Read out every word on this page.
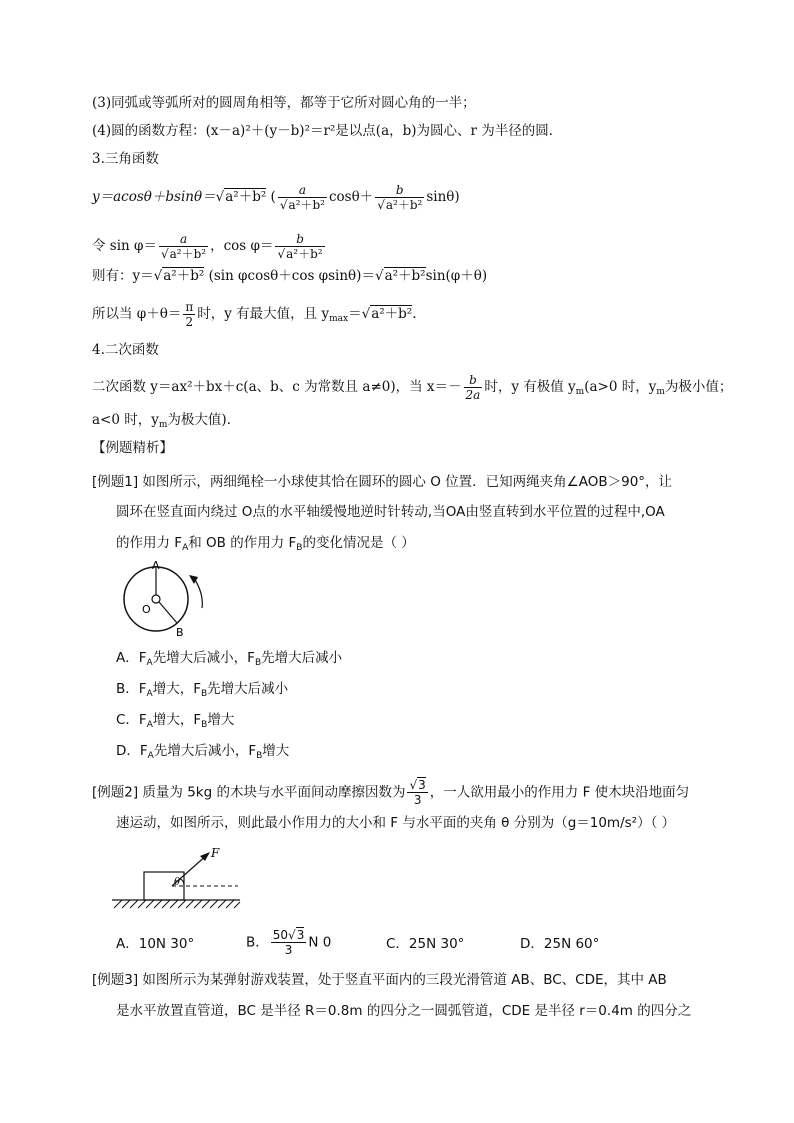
(3)同弧或等弧所对的圆周角相等，都等于它所对圆心角的一半；
(4)圆的函数方程：(x－a)²＋(y－b)²＝r²是以点(a，b)为圆心、r 为半径的圆．
3.三角函数
y＝acosθ＋bsinθ＝√a²＋b² ( $\frac{a}{\text{√a²＋b²}} \cos\theta+ \frac{b}{\text{√a²＋b²}} \sin\theta$)
令 $\sin \varphi= \frac{a}{\text{√a²＋b²}}$ ，$\cos \varphi= \frac{b}{\text{√a²＋b²}}$
则有：y＝√a²＋b² (sin φcosθ＋cos φsinθ)＝√a²＋b²sin(φ＋θ)
所以当 $\varphi+\theta= \frac{\pi}{2}$ 时，y 有最大值，且 $y_{max}=√a^2+b^2$.
4.二次函数
二次函数 y＝ax²＋bx＋c(a、b、c 为常数且 a≠0)，当 $x=- \frac{b}{2a}$ 时，y 有极值 $y_m(a>0$ 时，$y_m$为极小值；
a<0 时，$y_m$为极大值)．
【例题精析】
[例题1] 如图所示，两细绳栓一小球使其恰在圆环的圆心 O 位置．已知两绳夹角∠AOB＞90°，让
圆环在竖直面内绕过 O点的水平轴缓慢地逆时针转动,当OA由竖直转到水平位置的过程中,OA
的作用力 $F_A$和 OB 的作用力 $F_B$的变化情况是（ ）
A
O
B
A．$F_A$先增大后减小，$F_B$先增大后减小
B．$F_A$增大，$F_B$先增大后减小
C．$F_A$增大，$F_B$增大
D．$F_A$先增大后减小，$F_B$增大
[例题2] 质量为 5kg 的木块与水平面间动摩擦因数为 $\frac{√3}{3}$ ，一人欲用最小的作用力 F 使木块沿地面匀
速运动，如图所示，则此最小作用力的大小和 F 与水平面的夹角 θ 分别为（g＝10m/s²）（ ）
F
θ
A．10N 30°	B． $\frac{50√3}{3}$ N 0	C．25N 30°	D．25N 60°
[例题3] 如图所示为某弹射游戏装置，处于竖直平面内的三段光滑管道 AB、BC、CDE，其中 AB
是水平放置直管道，BC 是半径 R＝0.8m 的四分之一圆弧管道，CDE 是半径 r＝0.4m 的四分之
